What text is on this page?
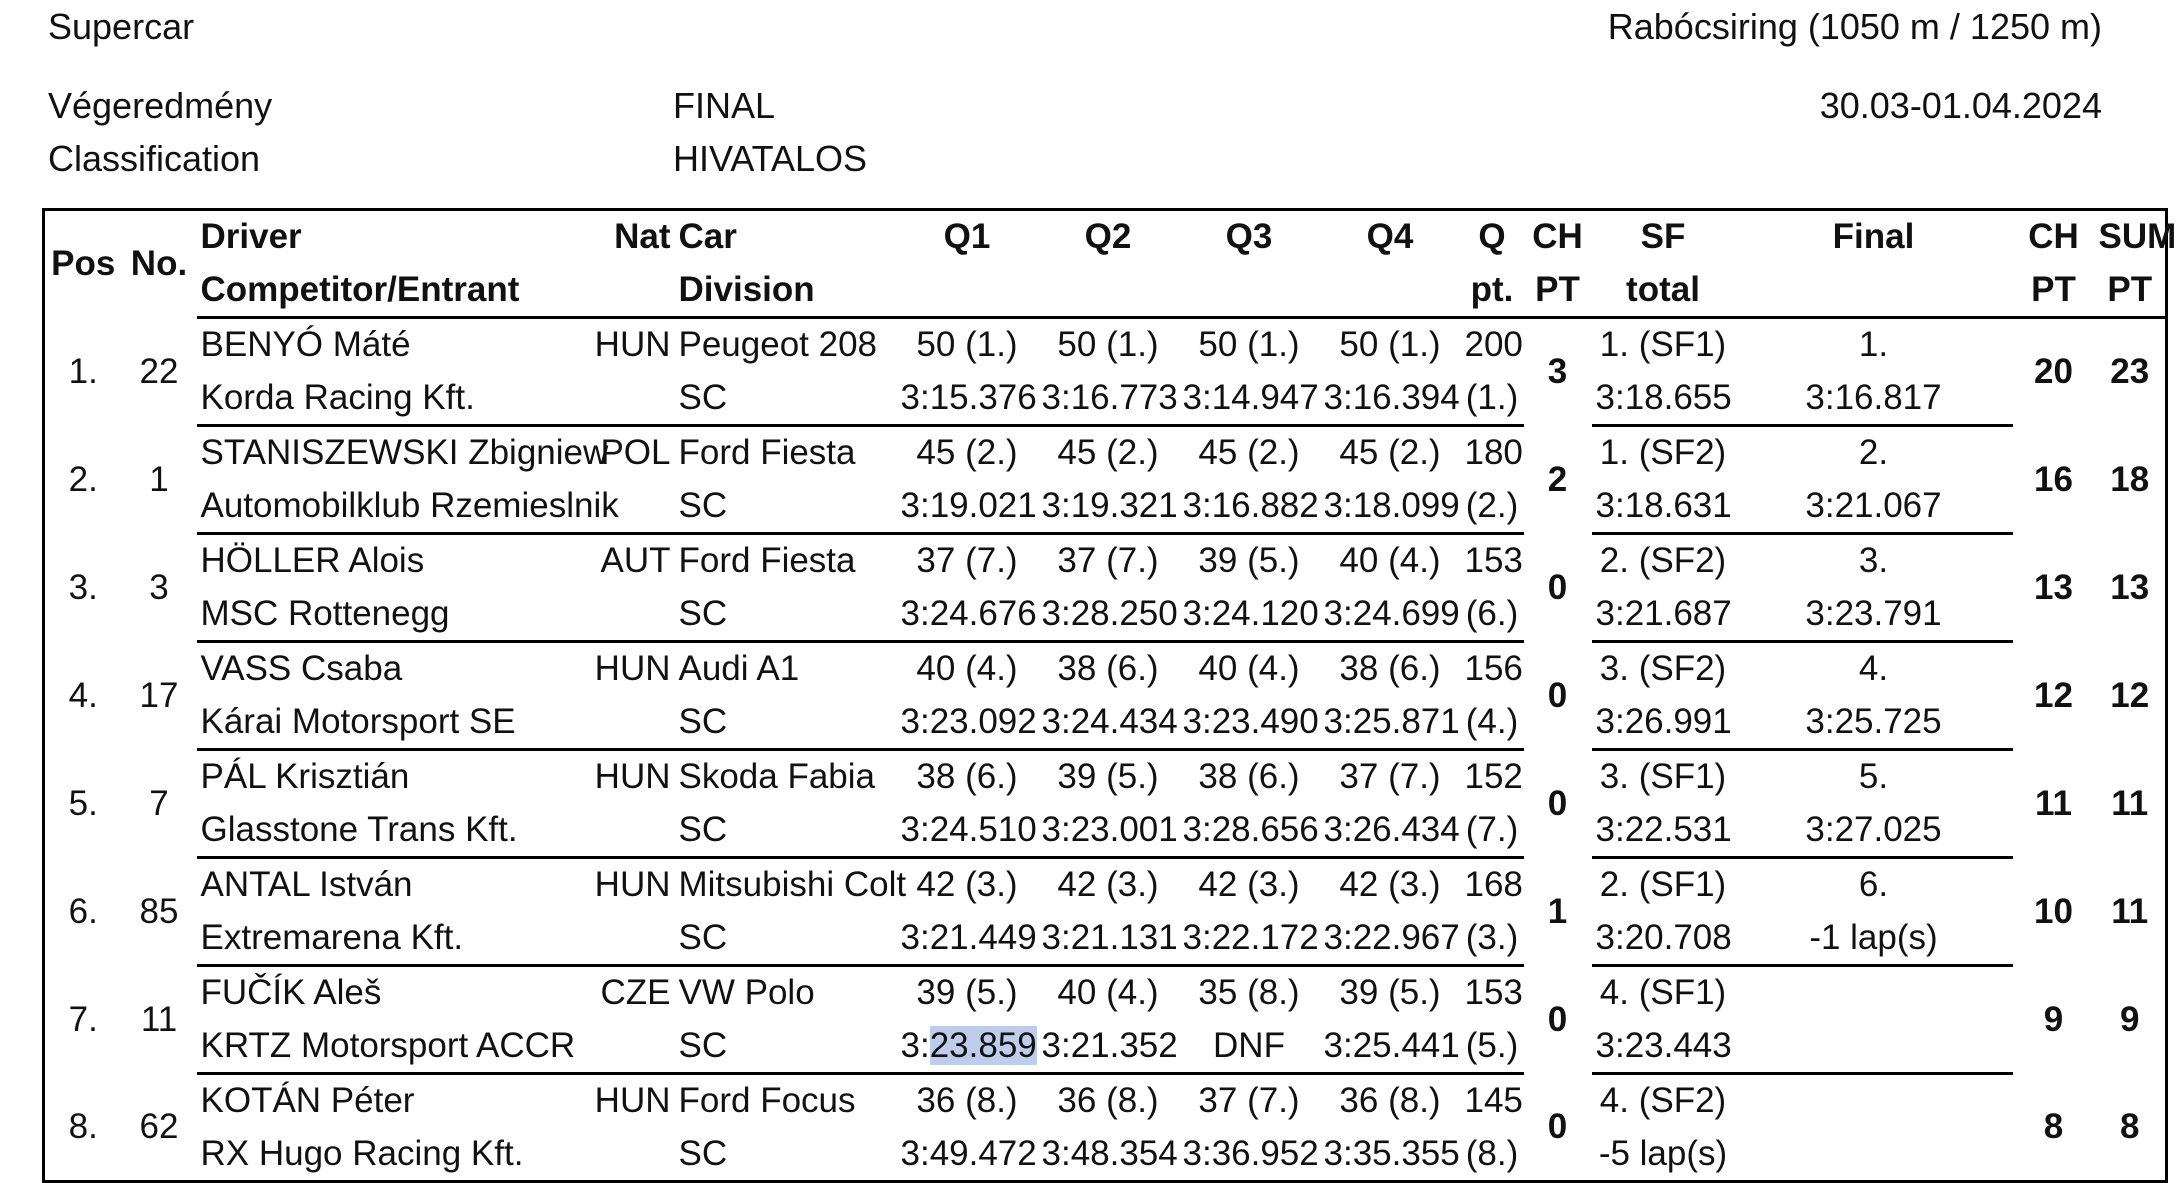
Supercar	Rabócsiring (1050 m / 1250 m)
Végeredmény
Classification
FINAL
HIVATALOS
30.03-01.04.2024
Pos	No.	Driver	Nat	Car	Q1	Q2	Q3	Q4	Q	CH	SF	Final	CH	SUM
		Competitor/Entrant		Division					pt.	PT	total		PT	PT
1.	22	BENYÓ Máté	HUN	Peugeot 208	50 (1.)	50 (1.)	50 (1.)	50 (1.)	200	3	1. (SF1)	1.	20	23
		Korda Racing Kft.		SC	3:15.376	3:16.773	3:14.947	3:16.394	(1.)		3:18.655	3:16.817		
2.	1	STANISZEWSKI Zbigniew	POL	Ford Fiesta	45 (2.)	45 (2.)	45 (2.)	45 (2.)	180	2	1. (SF2)	2.	16	18
		Automobilklub Rzemieslnik		SC	3:19.021	3:19.321	3:16.882	3:18.099	(2.)		3:18.631	3:21.067		
3.	3	HÖLLER Alois	AUT	Ford Fiesta	37 (7.)	37 (7.)	39 (5.)	40 (4.)	153	0	2. (SF2)	3.	13	13
		MSC Rottenegg		SC	3:24.676	3:28.250	3:24.120	3:24.699	(6.)		3:21.687	3:23.791		
4.	17	VASS Csaba	HUN	Audi A1	40 (4.)	38 (6.)	40 (4.)	38 (6.)	156	0	3. (SF2)	4.	12	12
		Kárai Motorsport SE		SC	3:23.092	3:24.434	3:23.490	3:25.871	(4.)		3:26.991	3:25.725		
5.	7	PÁL Krisztián	HUN	Skoda Fabia	38 (6.)	39 (5.)	38 (6.)	37 (7.)	152	0	3. (SF1)	5.	11	11
		Glasstone Trans Kft.		SC	3:24.510	3:23.001	3:28.656	3:26.434	(7.)		3:22.531	3:27.025		
6.	85	ANTAL István	HUN	Mitsubishi Colt	42 (3.)	42 (3.)	42 (3.)	42 (3.)	168	1	2. (SF1)	6.	10	11
		Extremarena Kft.		SC	3:21.449	3:21.131	3:22.172	3:22.967	(3.)		3:20.708	-1 lap(s)		
7.	11	FUČÍK Aleš	CZE	VW Polo	39 (5.)	40 (4.)	35 (8.)	39 (5.)	153	0	4. (SF1)		9	9
		KRTZ Motorsport ACCR		SC	3:23.859	3:21.352	DNF	3:25.441	(5.)		3:23.443			
8.	62	KOTÁN Péter	HUN	Ford Focus	36 (8.)	36 (8.)	37 (7.)	36 (8.)	145	0	4. (SF2)		8	8
		RX Hugo Racing Kft.		SC	3:49.472	3:48.354	3:36.952	3:35.355	(8.)		-5 lap(s)			
